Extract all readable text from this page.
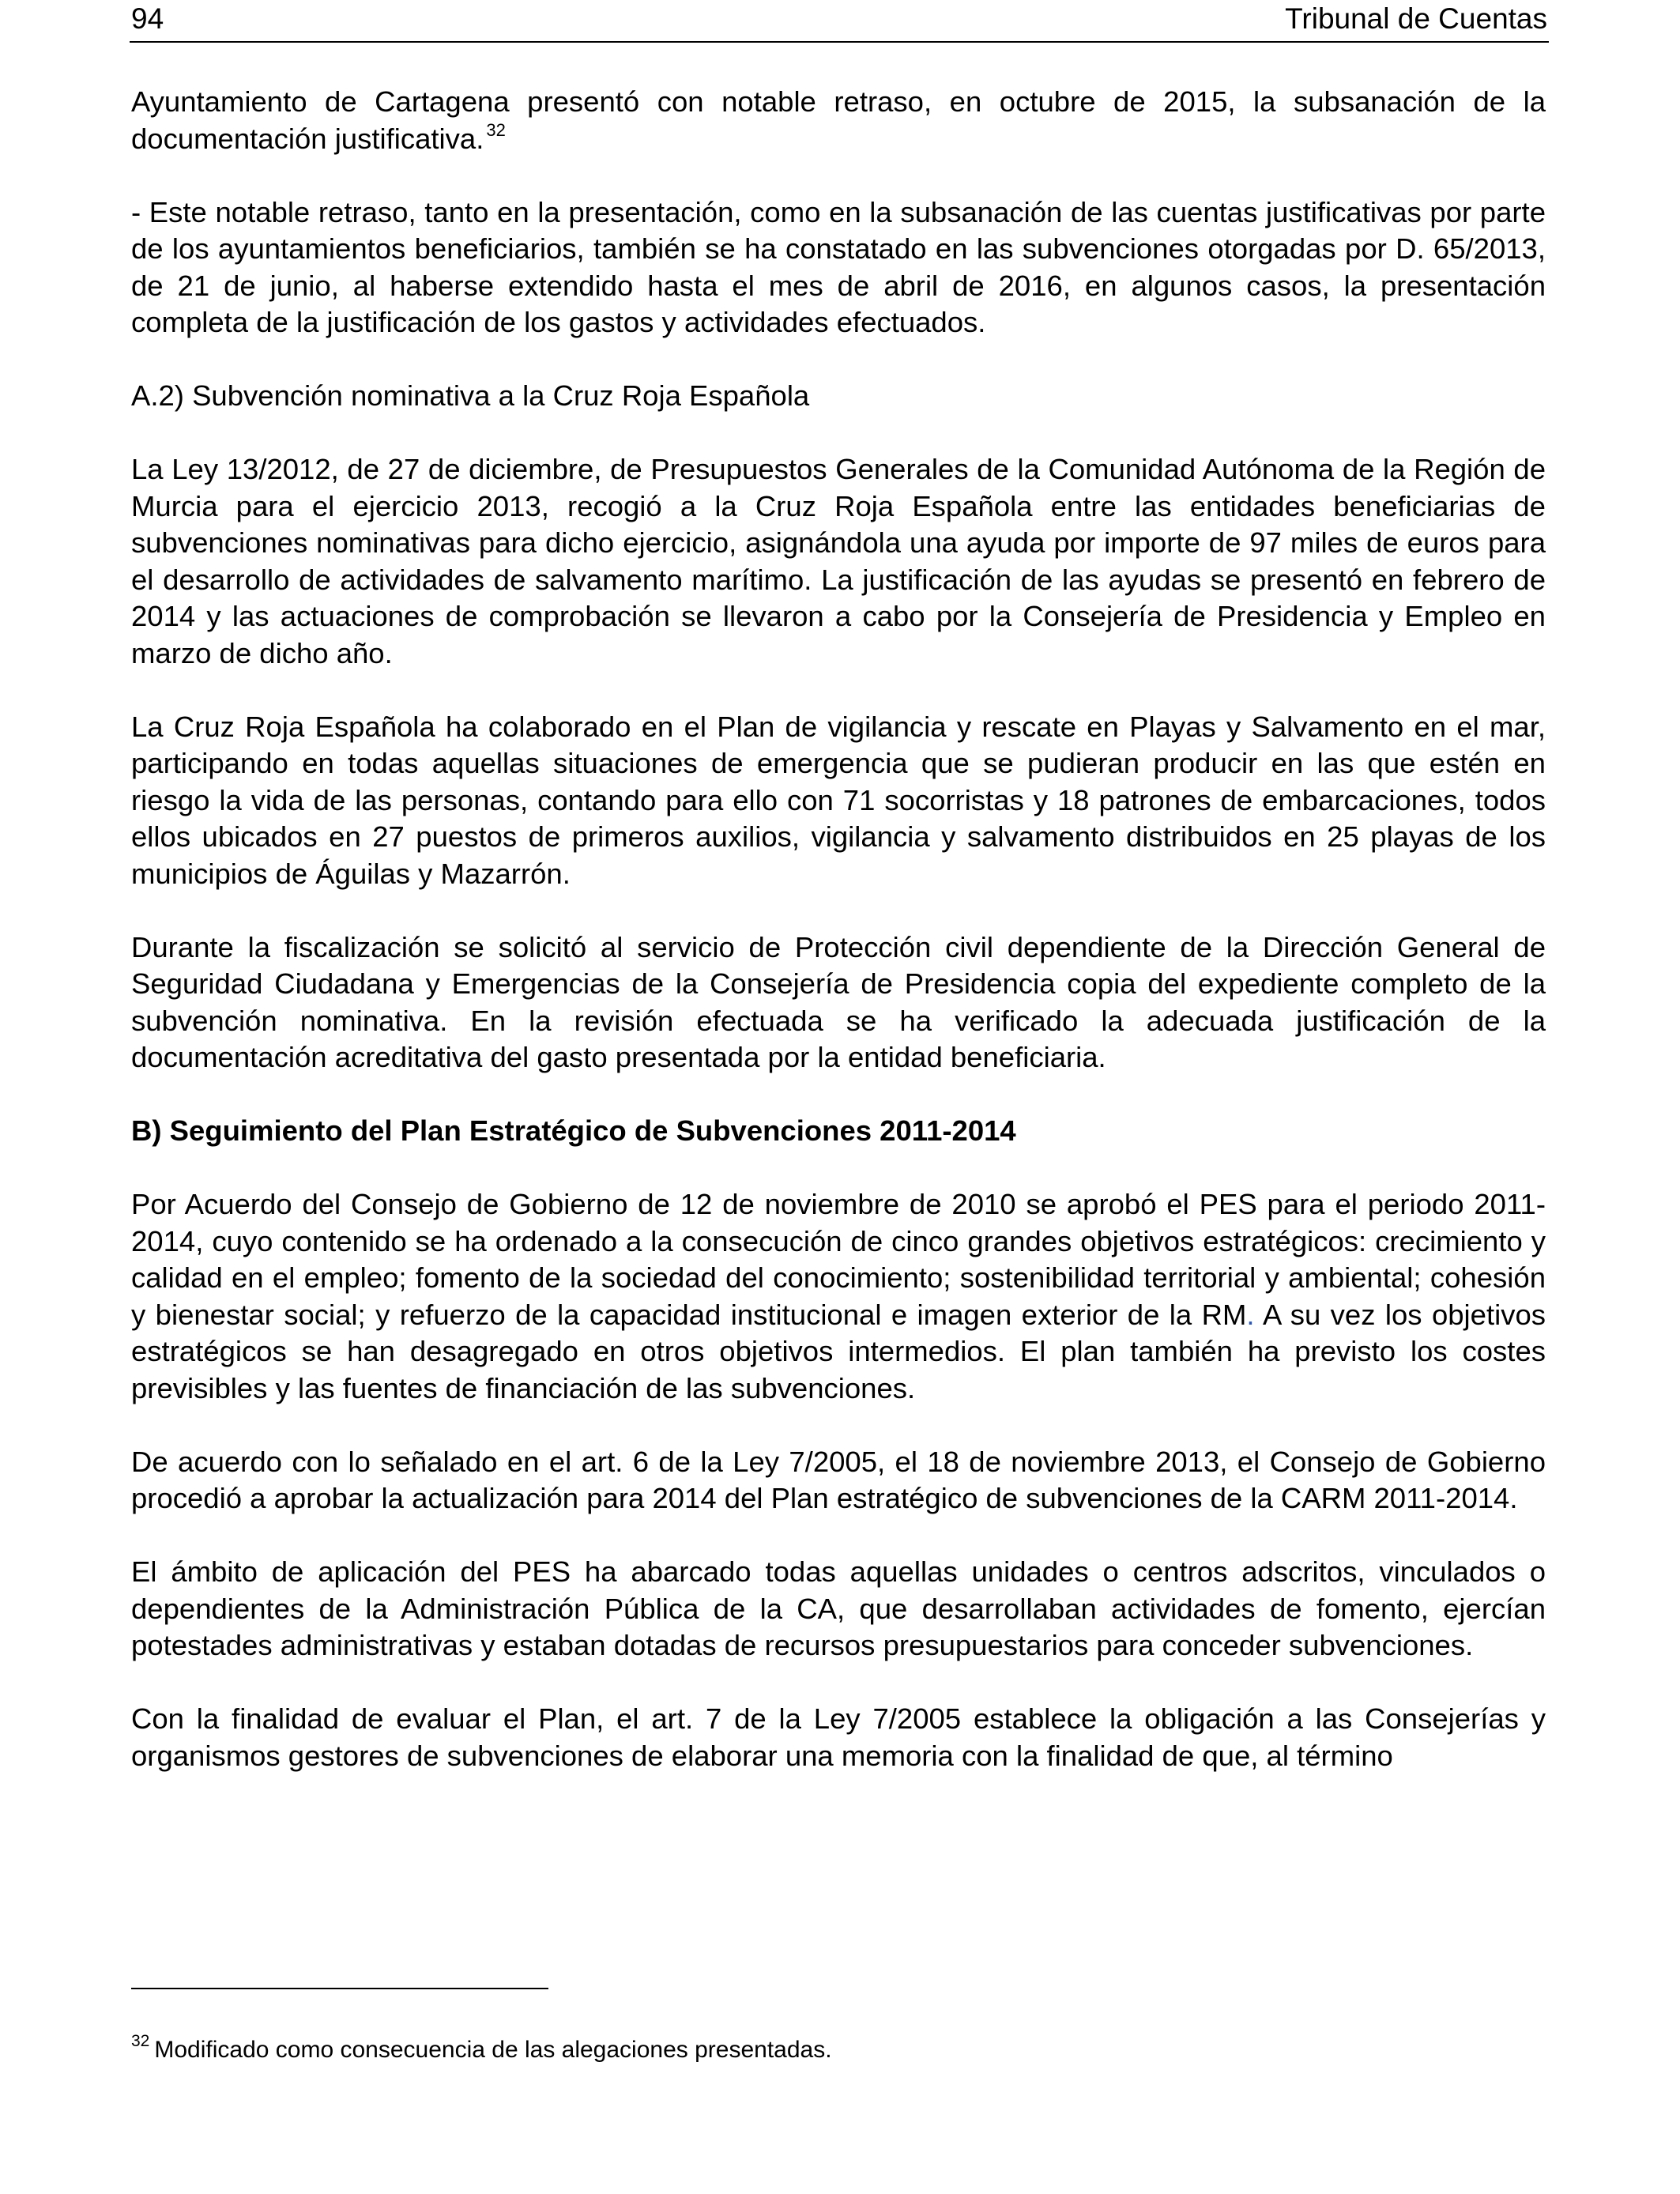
94	Tribunal de Cuentas

Ayuntamiento de Cartagena presentó con notable retraso, en octubre de 2015, la subsanación de la documentación justificativa. $^{32}$

- Este notable retraso, tanto en la presentación, como en la subsanación de las cuentas justificativas por parte de los ayuntamientos beneficiarios, también se ha constatado en las subvenciones otorgadas por D. 65/2013, de 21 de junio, al haberse extendido hasta el mes de abril de 2016, en algunos casos, la presentación completa de la justificación de los gastos y actividades efectuados.

A.2) Subvención nominativa a la Cruz Roja Española

La Ley 13/2012, de 27 de diciembre, de Presupuestos Generales de la Comunidad Autónoma de la Región de Murcia para el ejercicio 2013, recogió a la Cruz Roja Española entre las entidades beneficiarias de subvenciones nominativas para dicho ejercicio, asignándola una ayuda por importe de 97 miles de euros para el desarrollo de actividades de salvamento marítimo. La justificación de las ayudas se presentó en febrero de 2014 y las actuaciones de comprobación se llevaron a cabo por la Consejería de Presidencia y Empleo en marzo de dicho año.

La Cruz Roja Española ha colaborado en el Plan de vigilancia y rescate en Playas y Salvamento en el mar, participando en todas aquellas situaciones de emergencia que se pudieran producir en las que estén en riesgo la vida de las personas, contando para ello con 71 socorristas y 18 patrones de embarcaciones, todos ellos ubicados en 27 puestos de primeros auxilios, vigilancia y salvamento distribuidos en 25 playas de los municipios de Águilas y Mazarrón.

Durante la fiscalización se solicitó al servicio de Protección civil dependiente de la Dirección General de Seguridad Ciudadana y Emergencias de la Consejería de Presidencia copia del expediente completo de la subvención nominativa. En la revisión efectuada se ha verificado la adecuada justificación de la documentación acreditativa del gasto presentada por la entidad beneficiaria.

B) Seguimiento del Plan Estratégico de Subvenciones 2011-2014

Por Acuerdo del Consejo de Gobierno de 12 de noviembre de 2010 se aprobó el PES para el periodo 2011-2014, cuyo contenido se ha ordenado a la consecución de cinco grandes objetivos estratégicos: crecimiento y calidad en el empleo; fomento de la sociedad del conocimiento; sostenibilidad territorial y ambiental; cohesión y bienestar social; y refuerzo de la capacidad institucional e imagen exterior de la RM. A su vez los objetivos estratégicos se han desagregado en otros objetivos intermedios. El plan también ha previsto los costes previsibles y las fuentes de financiación de las subvenciones.

De acuerdo con lo señalado en el art. 6 de la Ley 7/2005, el 18 de noviembre 2013, el Consejo de Gobierno procedió a aprobar la actualización para 2014 del Plan estratégico de subvenciones de la CARM 2011-2014.

El ámbito de aplicación del PES ha abarcado todas aquellas unidades o centros adscritos, vinculados o dependientes de la Administración Pública de la CA, que desarrollaban actividades de fomento, ejercían potestades administrativas y estaban dotadas de recursos presupuestarios para conceder subvenciones.

Con la finalidad de evaluar el Plan, el art. 7 de la Ley 7/2005 establece la obligación a las Consejerías y organismos gestores de subvenciones de elaborar una memoria con la finalidad de que, al término

$^{32}$ Modificado como consecuencia de las alegaciones presentadas.
